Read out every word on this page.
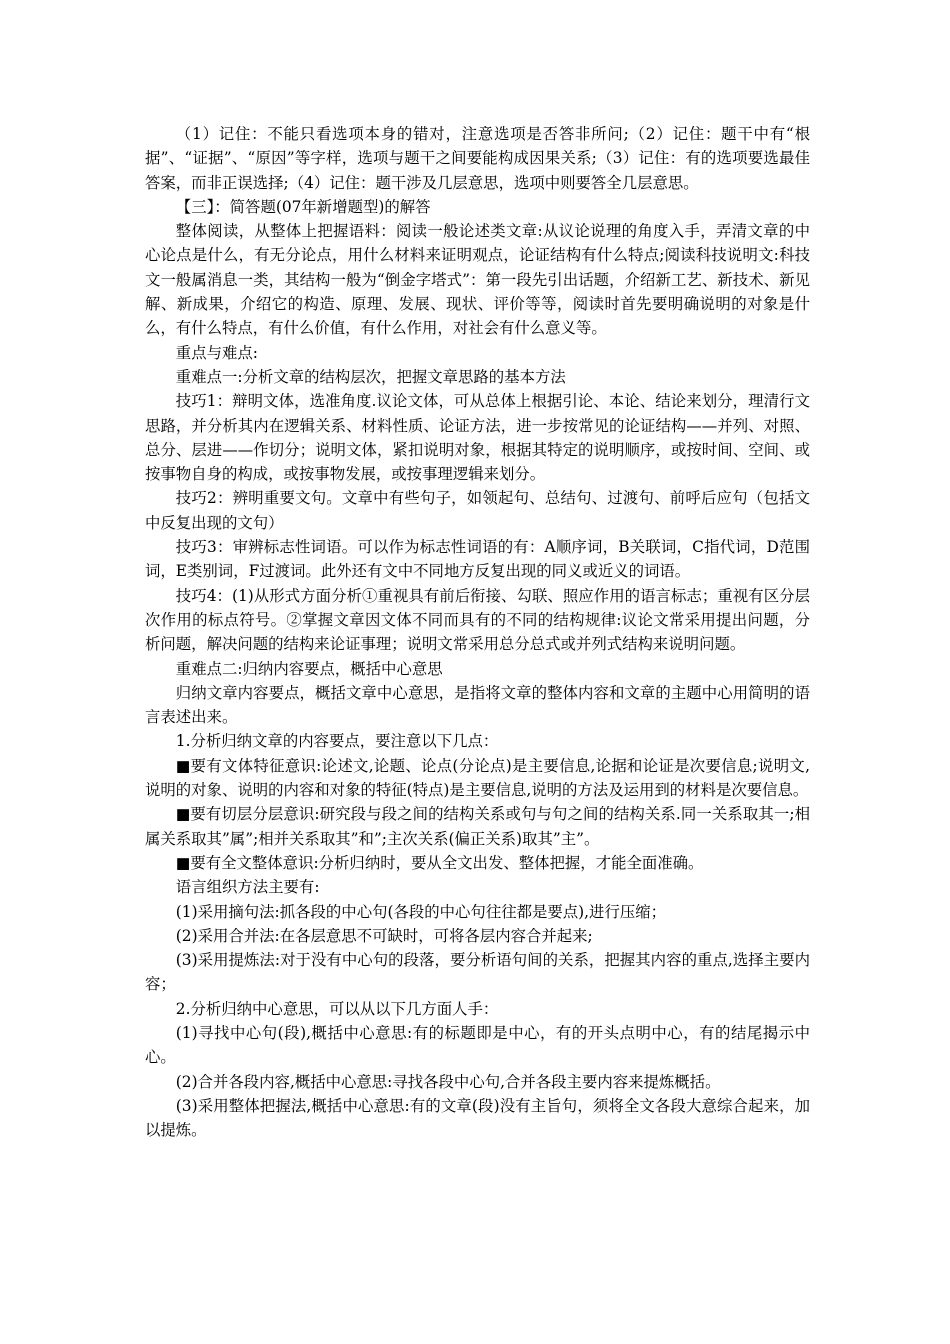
（1）记住：不能只看选项本身的错对，注意选项是否答非所问;（2）记住：题干中有“根据”、“证据”、“原因”等字样，选项与题干之间要能构成因果关系;（3）记住：有的选项要选最佳答案，而非正误选择;（4）记住：题干涉及几层意思，选项中则要答全几层意思。

【三】：简答题(07年新增题型)的解答

整体阅读，从整体上把握语料：阅读一般论述类文章:从议论说理的角度入手，弄清文章的中心论点是什么，有无分论点，用什么材料来证明观点，论证结构有什么特点;阅读科技说明文:科技文一般属消息一类，其结构一般为“倒金字塔式”：第一段先引出话题，介绍新工艺、新技术、新见解、新成果，介绍它的构造、原理、发展、现状、评价等等，阅读时首先要明确说明的对象是什么，有什么特点，有什么价值，有什么作用，对社会有什么意义等。

重点与难点:

重难点一:分析文章的结构层次，把握文章思路的基本方法

技巧1：辩明文体，选准角度.议论文体，可从总体上根据引论、本论、结论来划分，理清行文思路，并分析其内在逻辑关系、材料性质、论证方法，进一步按常见的论证结构——并列、对照、总分、层进——作切分；说明文体，紧扣说明对象，根据其特定的说明顺序，或按时间、空间、或按事物自身的构成，或按事物发展，或按事理逻辑来划分。

技巧2：辨明重要文句。文章中有些句子，如领起句、总结句、过渡句、前呼后应句（包括文中反复出现的文句）

技巧3：审辨标志性词语。可以作为标志性词语的有：A顺序词，B关联词，C指代词，D范围词，E类别词，F过渡词。此外还有文中不同地方反复出现的同义或近义的词语。

技巧4：(1)从形式方面分析①重视具有前后衔接、勾联、照应作用的语言标志；重视有区分层次作用的标点符号。②掌握文章因文体不同而具有的不同的结构规律:议论文常采用提出问题，分析问题，解决问题的结构来论证事理；说明文常采用总分总式或并列式结构来说明问题。

重难点二:归纳内容要点，概括中心意思

归纳文章内容要点，概括文章中心意思，是指将文章的整体内容和文章的主题中心用简明的语言表述出来。

1.分析归纳文章的内容要点，要注意以下几点：

■要有文体特征意识:论述文,论题、论点(分论点)是主要信息,论据和论证是次要信息;说明文,说明的对象、说明的内容和对象的特征(特点)是主要信息,说明的方法及运用到的材料是次要信息。

■要有切层分层意识:研究段与段之间的结构关系或句与句之间的结构关系.同一关系取其一;相属关系取其”属”;相并关系取其”和”;主次关系(偏正关系)取其”主”。

■要有全文整体意识:分析归纳时，要从全文出发、整体把握，才能全面准确。

语言组织方法主要有:

(1)采用摘句法:抓各段的中心句(各段的中心句往往都是要点),进行压缩；

(2)采用合并法:在各层意思不可缺时，可将各层内容合并起来;

(3)采用提炼法:对于没有中心句的段落，要分析语句间的关系，把握其内容的重点,选择主要内容；

2.分析归纳中心意思，可以从以下几方面人手：

(1)寻找中心句(段),概括中心意思:有的标题即是中心，有的开头点明中心，有的结尾揭示中心。

(2)合并各段内容,概括中心意思:寻找各段中心句,合并各段主要内容来提炼概括。

(3)采用整体把握法,概括中心意思:有的文章(段)没有主旨句，须将全文各段大意综合起来，加以提炼。
